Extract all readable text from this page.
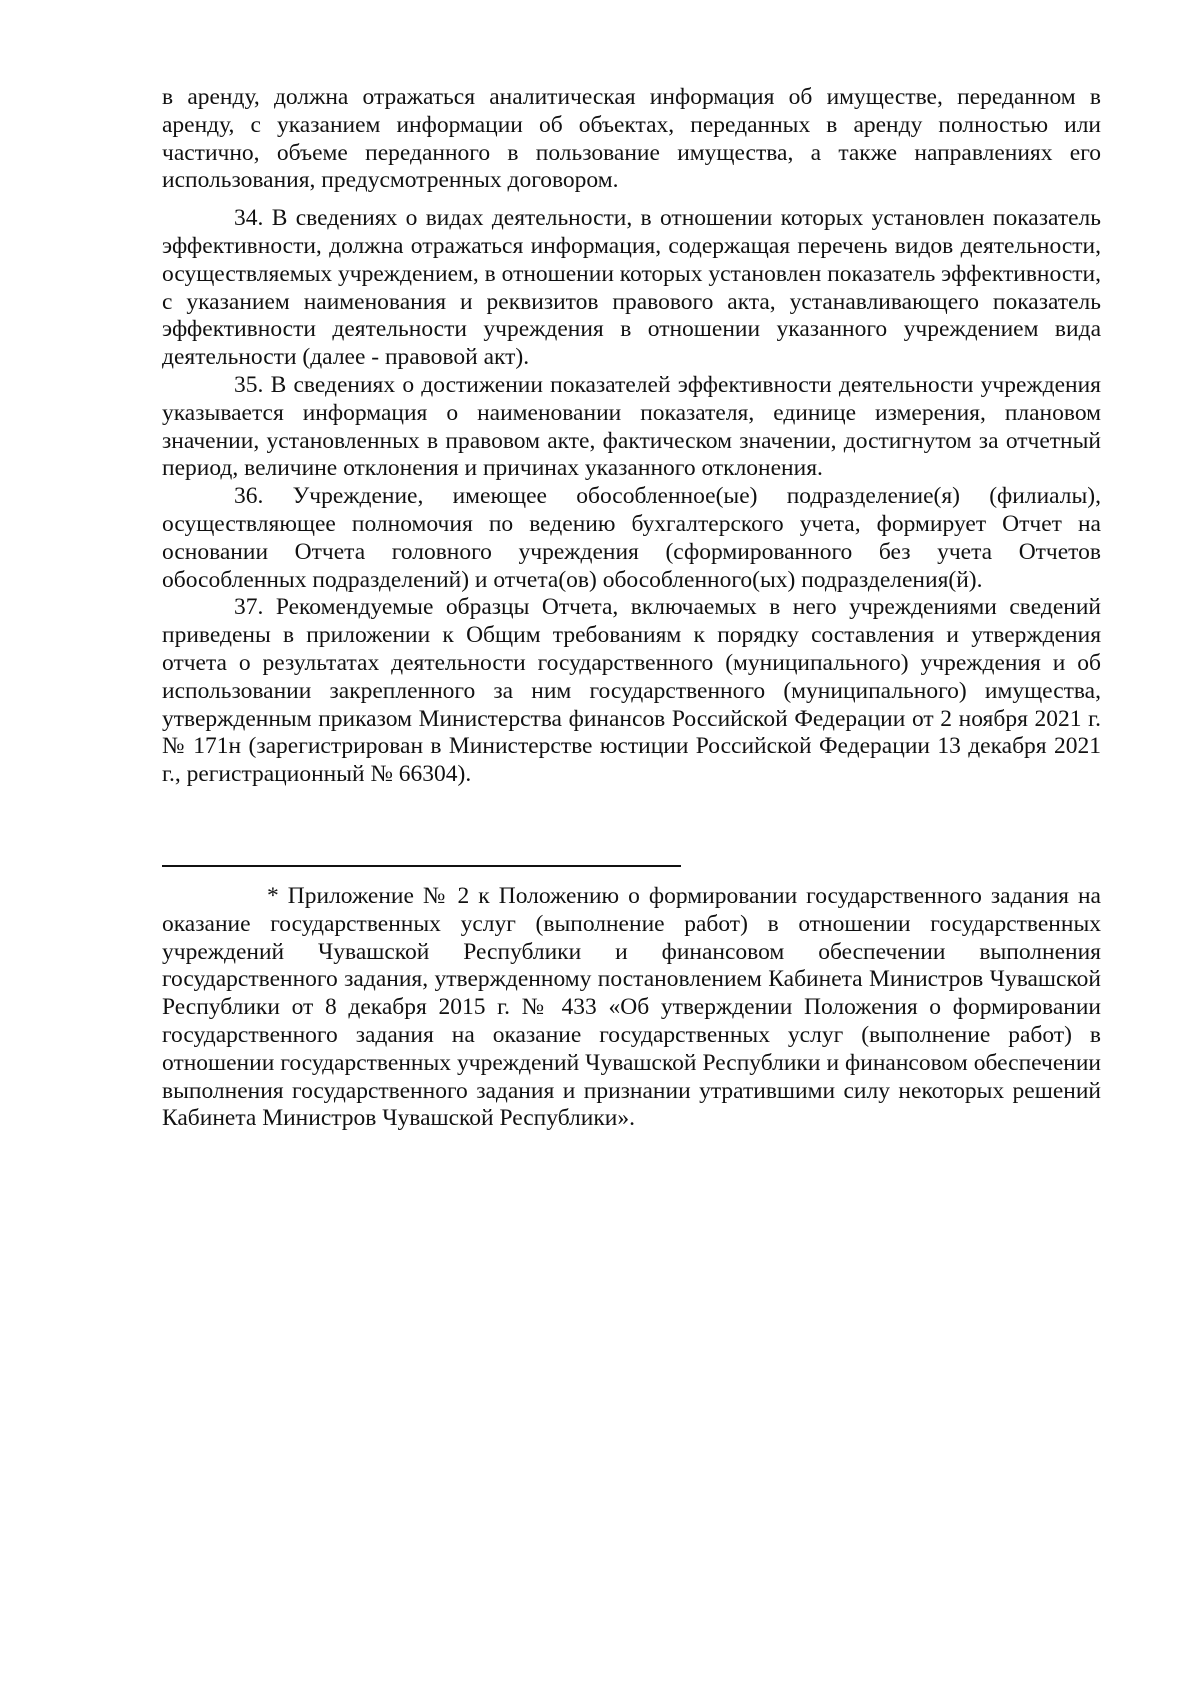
в аренду, должна отражаться аналитическая информация об имуществе, переданном в аренду, с указанием информации об объектах, переданных в аренду полностью или частично, объеме переданного в пользование имущества, а также направлениях его использования, предусмотренных договором.

34. В сведениях о видах деятельности, в отношении которых установлен показатель эффективности, должна отражаться информация, содержащая перечень видов деятельности, осуществляемых учреждением, в отношении которых установлен показатель эффективности, с указанием наименования и реквизитов правового акта, устанавливающего показатель эффективности деятельности учреждения в отношении указанного учреждением вида деятельности (далее - правовой акт).

35. В сведениях о достижении показателей эффективности деятельности учреждения указывается информация о наименовании показателя, единице измерения, плановом значении, установленных в правовом акте, фактическом значении, достигнутом за отчетный период, величине отклонения и причинах указанного отклонения.

36. Учреждение, имеющее обособленное(ые) подразделение(я) (филиалы), осуществляющее полномочия по ведению бухгалтерского учета, формирует Отчет на основании Отчета головного учреждения (сформированного без учета Отчетов обособленных подразделений) и отчета(ов) обособленного(ых) подразделения(й).

37. Рекомендуемые образцы Отчета, включаемых в него учреждениями сведений приведены в приложении к Общим требованиям к порядку составления и утверждения отчета о результатах деятельности государственного (муниципального) учреждения и об использовании закрепленного за ним государственного (муниципального) имущества, утвержденным приказом Министерства финансов Российской Федерации от 2 ноября 2021 г. № 171н (зарегистрирован в Министерстве юстиции Российской Федерации 13 декабря 2021 г., регистрационный № 66304).

* Приложение № 2 к Положению о формировании государственного задания на оказание государственных услуг (выполнение работ) в отношении государственных учреждений Чувашской Республики и финансовом обеспечении выполнения государственного задания, утвержденному постановлением Кабинета Министров Чувашской Республики от 8 декабря 2015 г. № 433 «Об утверждении Положения о формировании государственного задания на оказание государственных услуг (выполнение работ) в отношении государственных учреждений Чувашской Республики и финансовом обеспечении выполнения государственного задания и признании утратившими силу некоторых решений Кабинета Министров Чувашской Республики».
